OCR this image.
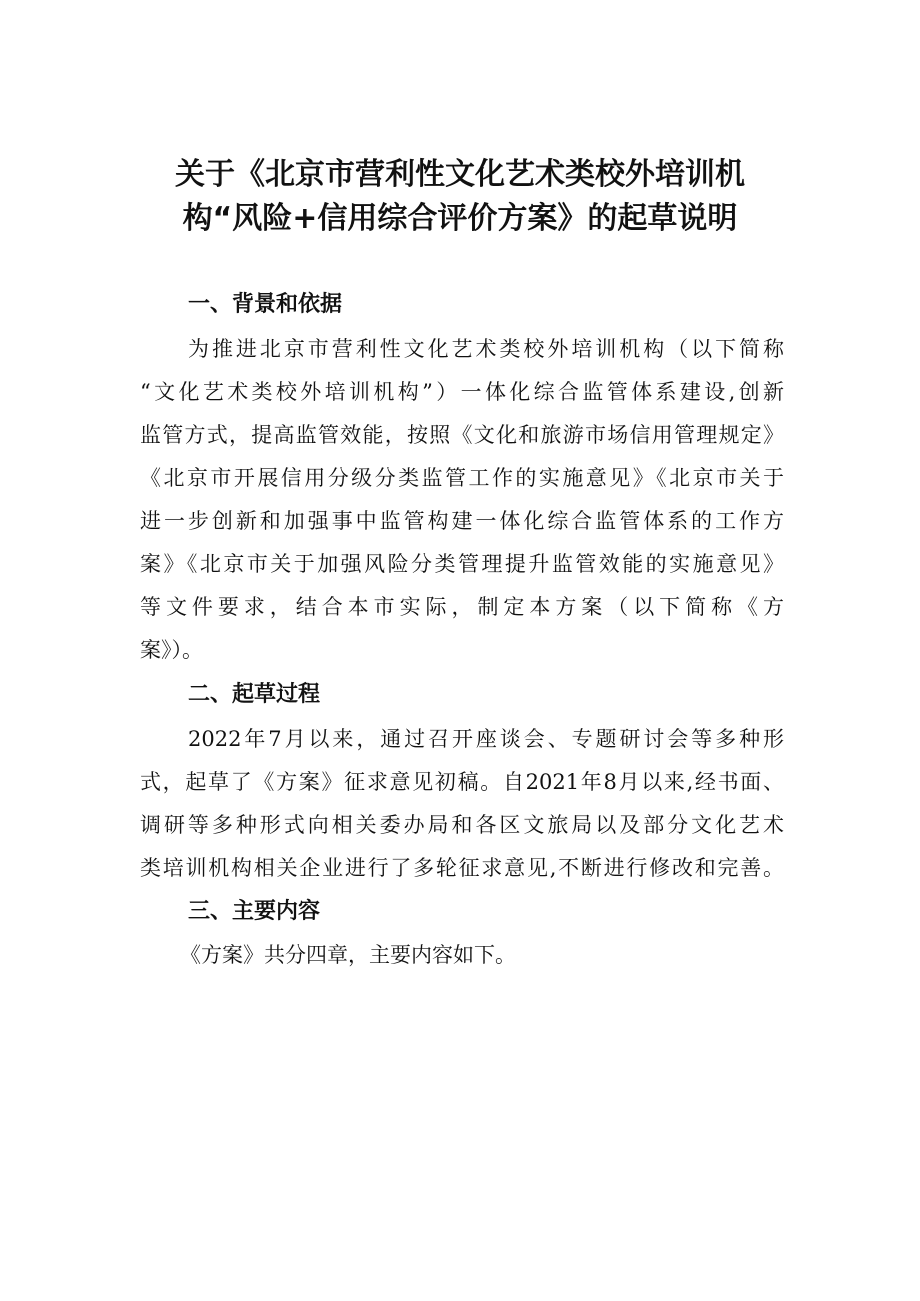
关于《北京市营利性文化艺术类校外培训机
构“风险+信用综合评价方案》的起草说明
一、背景和依据
为推进北京市营利性文化艺术类校外培训机构（以下简称
“文化艺术类校外培训机构”）一体化综合监管体系建设,创新
监管方式，提高监管效能，按照《文化和旅游市场信用管理规定》
《北京市开展信用分级分类监管工作的实施意见》《北京市关于
进一步创新和加强事中监管构建一体化综合监管体系的工作方
案》《北京市关于加强风险分类管理提升监管效能的实施意见》
等文件要求，结合本市实际，制定本方案（以下简称《方
案》）。
二、起草过程
2022年7月以来，通过召开座谈会、专题研讨会等多种形
式，起草了《方案》征求意见初稿。自2021年8月以来,经书面、
调研等多种形式向相关委办局和各区文旅局以及部分文化艺术
类培训机构相关企业进行了多轮征求意见,不断进行修改和完善。
三、主要内容
《方案》共分四章，主要内容如下。
